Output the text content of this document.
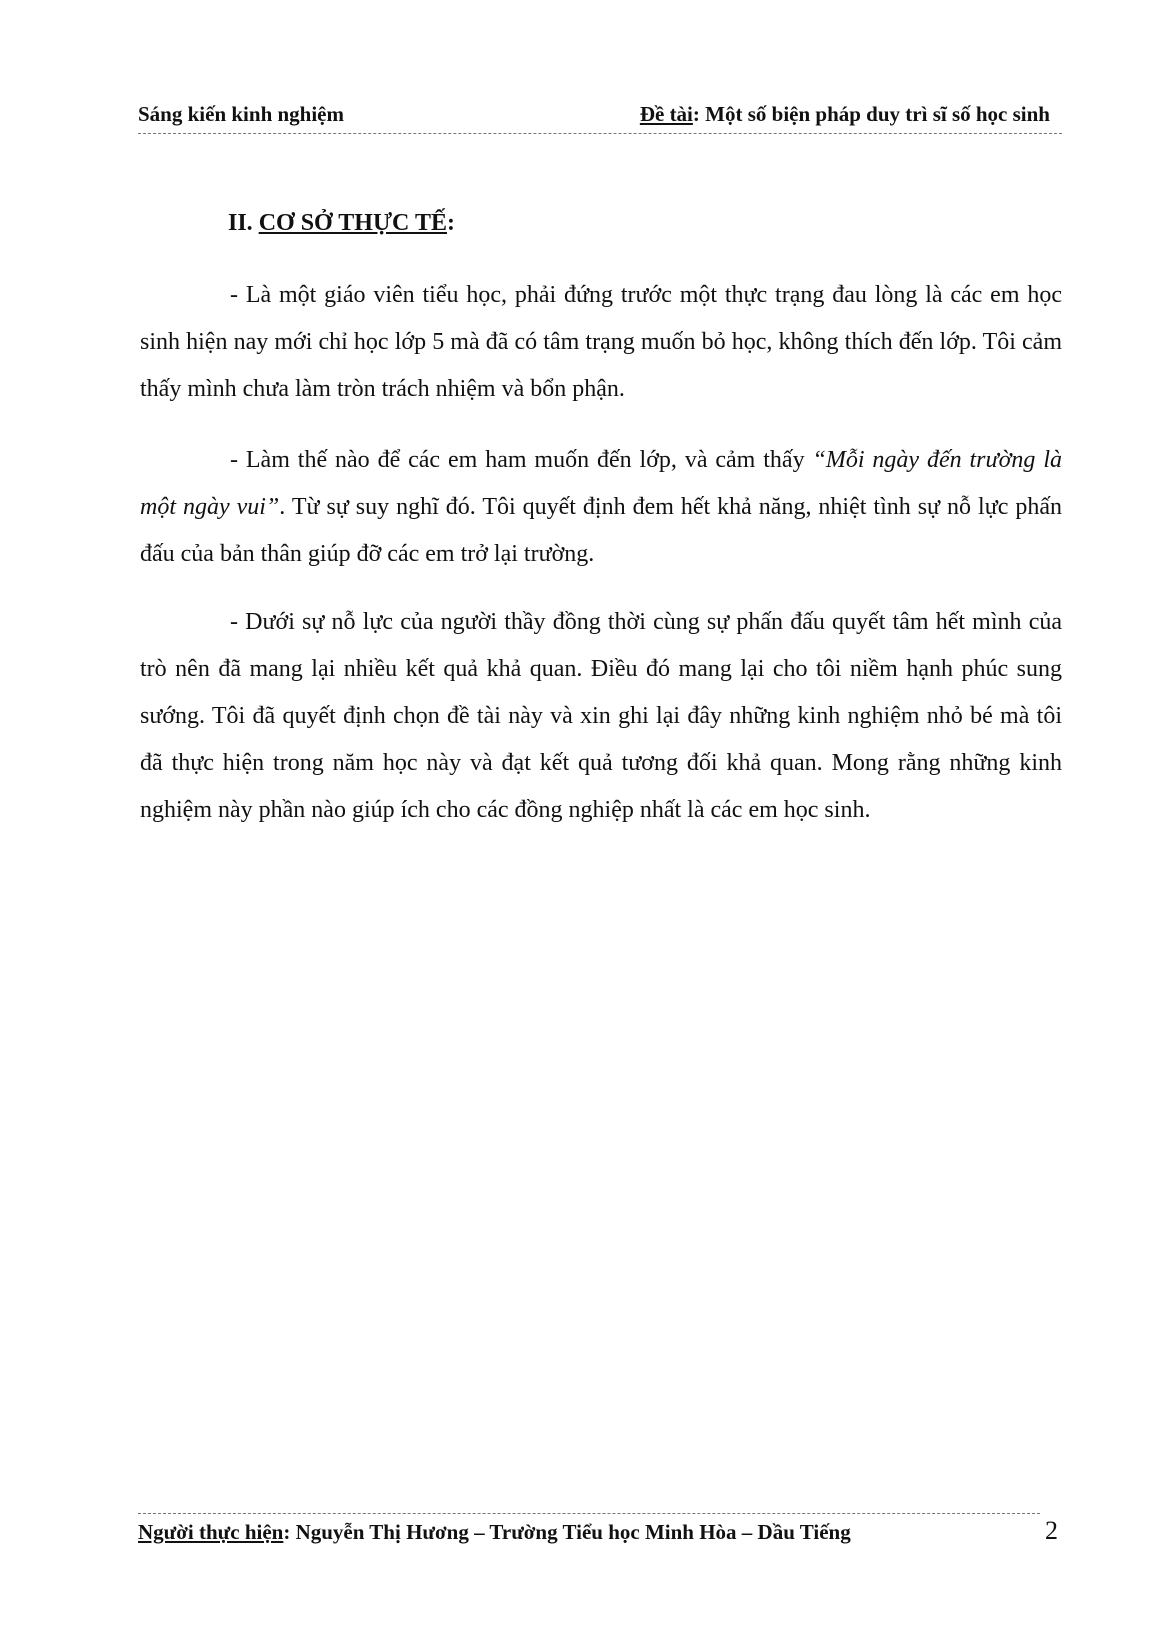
Sáng kiến kinh nghiệm	Đề tài: Một số biện pháp duy trì sĩ số học sinh
II. CƠ SỞ THỰC TẾ:

- Là một giáo viên tiểu học, phải đứng trước một thực trạng đau lòng là các em học sinh hiện nay mới chỉ học lớp 5 mà đã có tâm trạng muốn bỏ học, không thích đến lớp. Tôi cảm thấy mình chưa làm tròn trách nhiệm và bổn phận.

- Làm thế nào để các em ham muốn đến lớp, và cảm thấy “Mỗi ngày đến trường là một ngày vui”. Từ sự suy nghĩ đó. Tôi quyết định đem hết khả năng, nhiệt tình sự nỗ lực phấn đấu của bản thân giúp đỡ các em trở lại trường.

- Dưới sự nỗ lực của người thầy đồng thời cùng sự phấn đấu quyết tâm hết mình của trò nên đã mang lại nhiều kết quả khả quan. Điều đó mang lại cho tôi niềm hạnh phúc sung sướng. Tôi đã quyết định chọn đề tài này và xin ghi lại đây những kinh nghiệm nhỏ bé mà tôi đã thực hiện trong năm học này và đạt kết quả tương đối khả quan. Mong rằng những kinh nghiệm này phần nào giúp ích cho các đồng nghiệp nhất là các em học sinh.

Người thực hiện: Nguyễn Thị Hương – Trường Tiểu học Minh Hòa – Dầu Tiếng	2
